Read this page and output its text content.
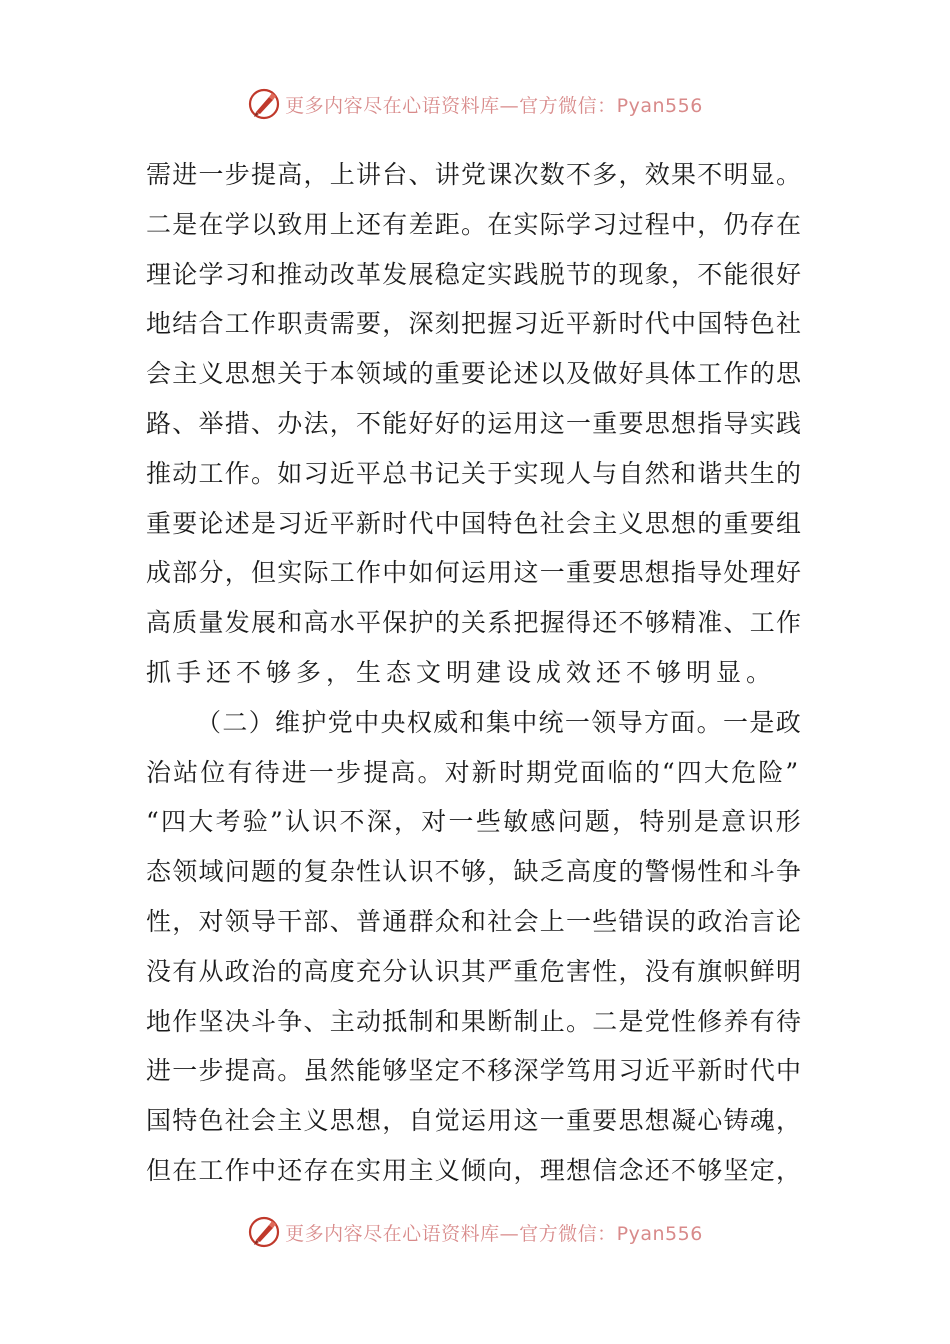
更多内容尽在心语资料库— 官方微信：Pyan556
需进一步提高，上讲台、讲党课次数不多，效果不明显。
二是在学以致用上还有差距。在实际学习过程中，仍存在
理论学习和推动改革发展稳定实践脱节的现象，不能很好
地结合工作职责需要，深刻把握习近平新时代中国特色社
会主义思想关于本领域的重要论述以及做好具体工作的思
路、举措、办法，不能好好的运用这一重要思想指导实践
推动工作。如习近平总书记关于实现人与自然和谐共生的
重要论述是习近平新时代中国特色社会主义思想的重要组
成部分，但实际工作中如何运用这一重要思想指导处理好
高质量发展和高水平保护的关系把握得还不够精准、工作
抓手还不够多，生态文明建设成效还不够明显。
（二）维护党中央权威和集中统一领导方面。一是政
治站位有待进一步提高。对新时期党面临的“四大危险”
“四大考验”认识不深，对一些敏感问题，特别是意识形
态领域问题的复杂性认识不够，缺乏高度的警惕性和斗争
性，对领导干部、普通群众和社会上一些错误的政治言论
没有从政治的高度充分认识其严重危害性，没有旗帜鲜明
地作坚决斗争、主动抵制和果断制止。二是党性修养有待
进一步提高。虽然能够坚定不移深学笃用习近平新时代中
国特色社会主义思想，自觉运用这一重要思想凝心铸魂，
但在工作中还存在实用主义倾向，理想信念还不够坚定，
更多内容尽在心语资料库— 官方微信：Pyan556
